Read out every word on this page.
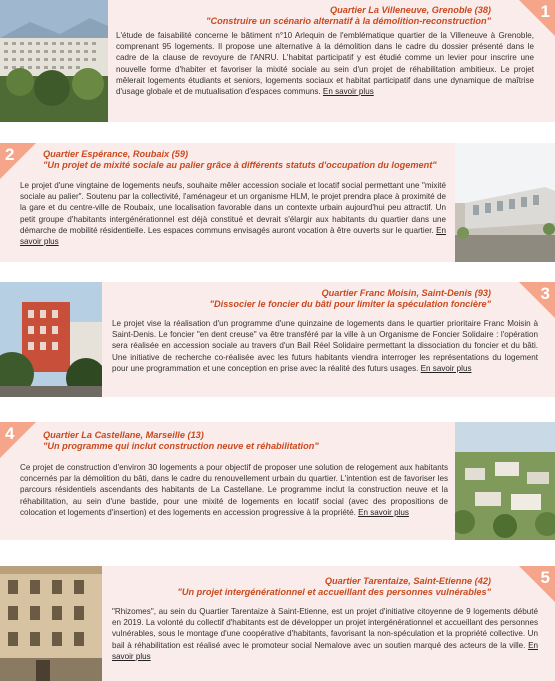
1
Quartier La Villeneuve, Grenoble (38)
"Construire un scénario alternatif à la démolition-reconstruction"
L'étude de faisabilité concerne le bâtiment n°10 Arlequin de l'emblématique quartier de la Villeneuve à Grenoble, comprenant 95 logements. Il propose une alternative à la démolition dans le cadre du dossier présenté dans le cadre de la clause de revoyure de l'ANRU. L'habitat participatif y est étudié comme un levier pour inscrire une nouvelle forme d'habiter et favoriser la mixité sociale au sein d'un projet de réhabilitation ambitieux. Le projet mêlerait logements étudiants et seniors, logements sociaux et habitat participatif dans une dynamique de maîtrise d'usage globale et de mutualisation d'espaces communs. En savoir plus
2	Quartier Espérance, Roubaix (59)
"Un projet de mixité sociale au palier grâce à différents statuts d'occupation du logement"
Le projet d'une vingtaine de logements neufs, souhaite mêler accession sociale et locatif social permettant une "mixité sociale au palier". Soutenu par la collectivité, l'aménageur et un organisme HLM, le projet prendra place à proximité de la gare et du centre-ville de Roubaix, une localisation favorable dans un contexte urbain aujourd'hui peu attractif. Un petit groupe d'habitants intergénérationnel est déjà constitué et devrait s'élargir aux habitants du quartier dans une démarche de mobilité résidentielle. Les espaces communs envisagés auront vocation à être ouverts sur le quartier. En savoir plus
3
Quartier Franc Moisin, Saint-Denis (93)
"Dissocier le foncier du bâti pour limiter la spéculation foncière"
Le projet vise la réalisation d'un programme d'une quinzaine de logements dans le quartier prioritaire Franc Moisin à Saint-Denis. Le foncier "en dent creuse" va être transféré par la ville à un Organisme de Foncier Solidaire : l'opération sera réalisée en accession sociale au travers d'un Bail Réel Solidaire permettant la dissociation du foncier et du bâti. Une initiative de recherche co-réalisée avec les futurs habitants viendra interroger les représentations du logement pour une programmation et une conception en prise avec la réalité des futurs usages. En savoir plus
4	Quartier La Castellane, Marseille (13)
"Un programme qui inclut construction neuve et réhabilitation"
Ce projet de construction d'environ 30 logements a pour objectif de proposer une solution de relogement aux habitants concernés par la démolition du bâti, dans le cadre du renouvellement urbain du quartier. L'intention est de favoriser les parcours résidentiels ascendants des habitants de La Castellane. Le programme inclut la construction neuve et la réhabilitation, au sein d'une bastide, pour une mixité de logements en locatif social (avec des propositions de colocation et logements d'insertion) et des logements en accession progressive à la propriété. En savoir plus
5
Quartier Tarentaize, Saint-Etienne (42)
"Un projet intergénérationnel et accueillant des personnes vulnérables"
"Rhizomes", au sein du Quartier Tarentaize à Saint-Etienne, est un projet d'initiative citoyenne de 9 logements débuté en 2019. La volonté du collectif d'habitants est de développer un projet intergénérationnel et accueillant des personnes vulnérables, sous le montage d'une coopérative d'habitants, favorisant la non-spéculation et la propriété collective. Un bail à réhabilitation est réalisé avec le promoteur social Nemalove avec un soutien marqué des acteurs de la ville. En savoir plus
